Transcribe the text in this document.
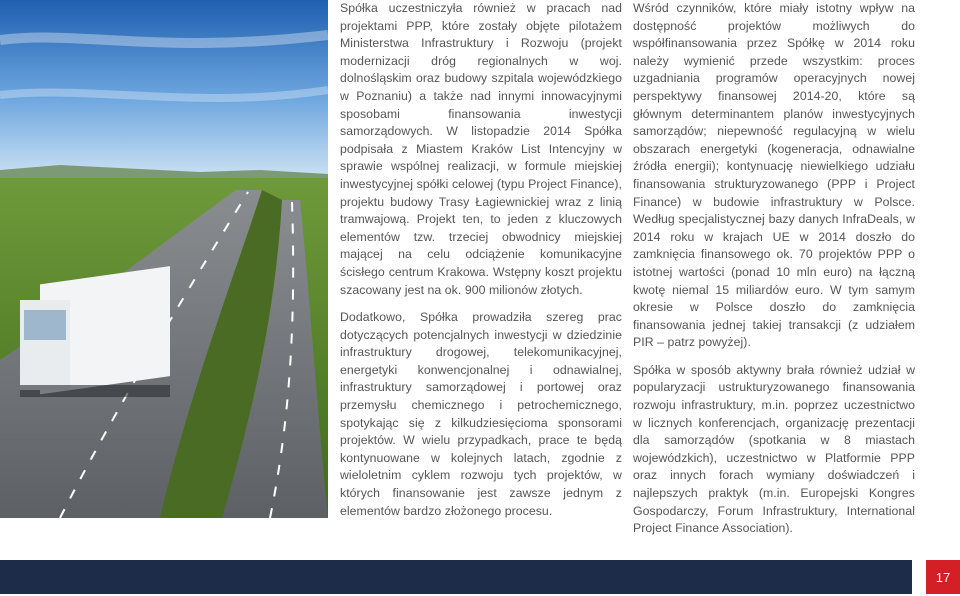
Spółka uczestniczyła również w pracach nad projektami PPP, które zostały objęte pilotażem Ministerstwa Infrastruktury i Rozwoju (projekt modernizacji dróg regionalnych w woj. dolnośląskim oraz budowy szpitala wojewódzkiego w Poznaniu) a także nad innymi innowacyjnymi sposobami finansowania inwestycji samorządowych. W listopadzie 2014 Spółka podpisała z Miastem Kraków List Intencyjny w sprawie wspólnej realizacji, w formule miejskiej inwestycyjnej spółki celowej (typu Project Finance), projektu budowy Trasy Łagiewnickiej wraz z linią tramwajową. Projekt ten, to jeden z kluczowych elementów tzw. trzeciej obwodnicy miejskiej mającej na celu odciążenie komunikacyjne ścisłego centrum Krakowa. Wstępny koszt projektu szacowany jest na ok. 900 milionów złotych.

Dodatkowo, Spółka prowadziła szereg prac dotyczących potencjalnych inwestycji w dziedzinie infrastruktury drogowej, telekomunikacyjnej, energetyki konwencjonalnej i odnawialnej, infrastruktury samorządowej i portowej oraz przemysłu chemicznego i petrochemicznego, spotykając się z kilkudziesięcioma sponsorami projektów. W wielu przypadkach, prace te będą kontynuowane w kolejnych latach, zgodnie z wieloletnim cyklem rozwoju tych projektów, w których finansowanie jest zawsze jednym z elementów bardzo złożonego procesu.

Wśród czynników, które miały istotny wpływ na dostępność projektów możliwych do współfinansowania przez Spółkę w 2014 roku należy wymienić przede wszystkim: proces uzgadniania programów operacyjnych nowej perspektywy finansowej 2014-20, które są głównym determinantem planów inwestycyjnych samorządów; niepewność regulacyjną w wielu obszarach energetyki (kogeneracja, odnawialne źródła energii); kontynuację niewielkiego udziału finansowania strukturyzowanego (PPP i Project Finance) w budowie infrastruktury w Polsce. Według specjalistycznej bazy danych InfraDeals, w 2014 roku w krajach UE w 2014 doszło do zamknięcia finansowego ok. 70 projektów PPP o istotnej wartości (ponad 10 mln euro) na łączną kwotę niemal 15 miliardów euro. W tym samym okresie w Polsce doszło do zamknięcia finansowania jednej takiej transakcji (z udziałem PIR – patrz powyżej).

Spółka w sposób aktywny brała również udział w popularyzacji ustrukturyzowanego finansowania rozwoju infrastruktury, m.in. poprzez uczestnictwo w licznych konferencjach, organizację prezentacji dla samorządów (spotkania w 8 miastach wojewódzkich), uczestnictwo w Platformie PPP oraz innych forach wymiany doświadczeń i najlepszych praktyk (m.in. Europejski Kongres Gospodarczy, Forum Infrastruktury, International Project Finance Association).

17
